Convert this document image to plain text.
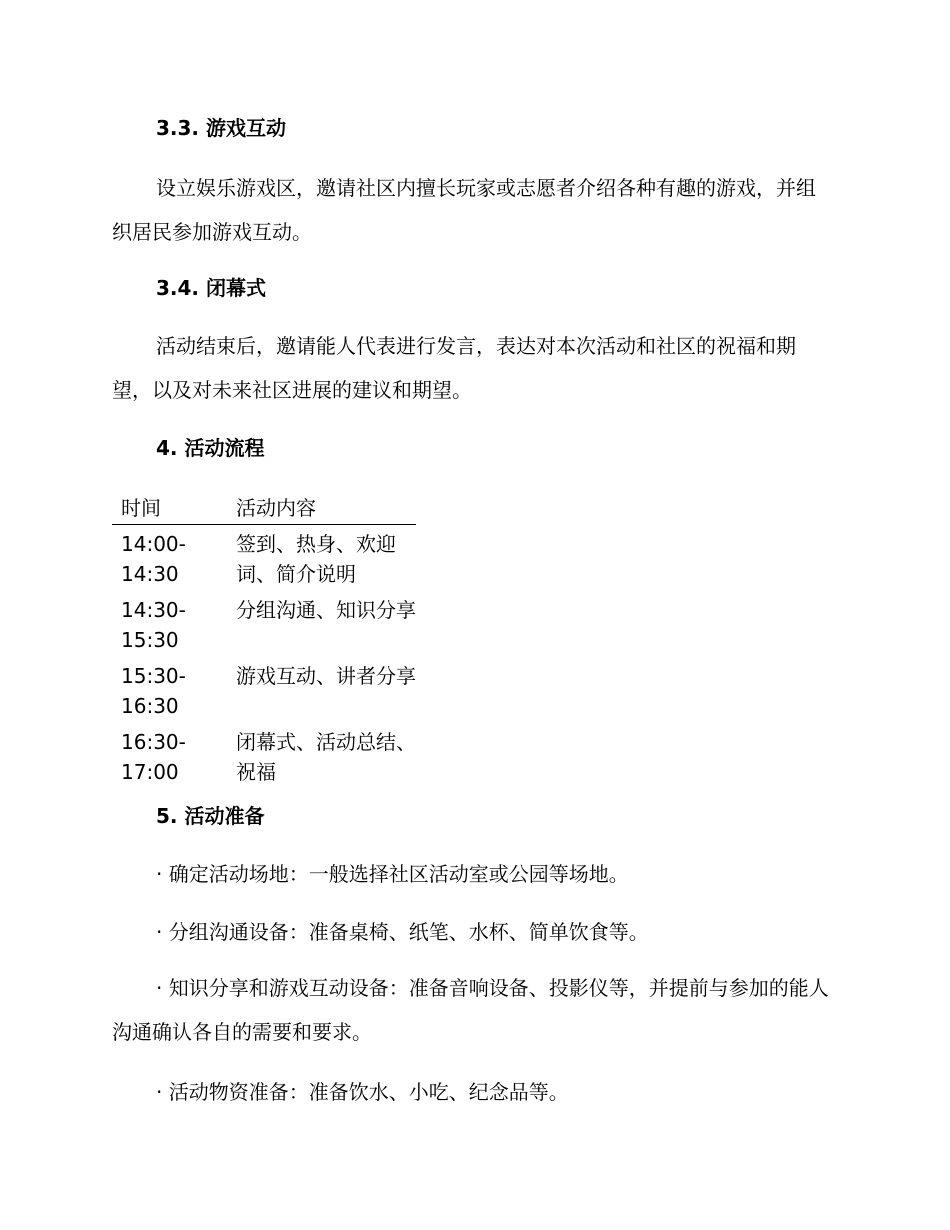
3.3. 游戏互动

设立娱乐游戏区，邀请社区内擅长玩家或志愿者介绍各种有趣的游戏，并组织居民参加游戏互动。

3.4. 闭幕式

活动结束后，邀请能人代表进行发言，表达对本次活动和社区的祝福和期望，以及对未来社区进展的建议和期望。

4. 活动流程
时间	活动内容
14:00-14:30	签到、热身、欢迎词、简介说明
14:30-15:30	分组沟通、知识分享
15:30-16:30	游戏互动、讲者分享
16:30-17:00	闭幕式、活动总结、祝福
5. 活动准备

· 确定活动场地：一般选择社区活动室或公园等场地。

· 分组沟通设备：准备桌椅、纸笔、水杯、简单饮食等。

· 知识分享和游戏互动设备：准备音响设备、投影仪等，并提前与参加的能人沟通确认各自的需要和要求。

· 活动物资准备：准备饮水、小吃、纪念品等。
